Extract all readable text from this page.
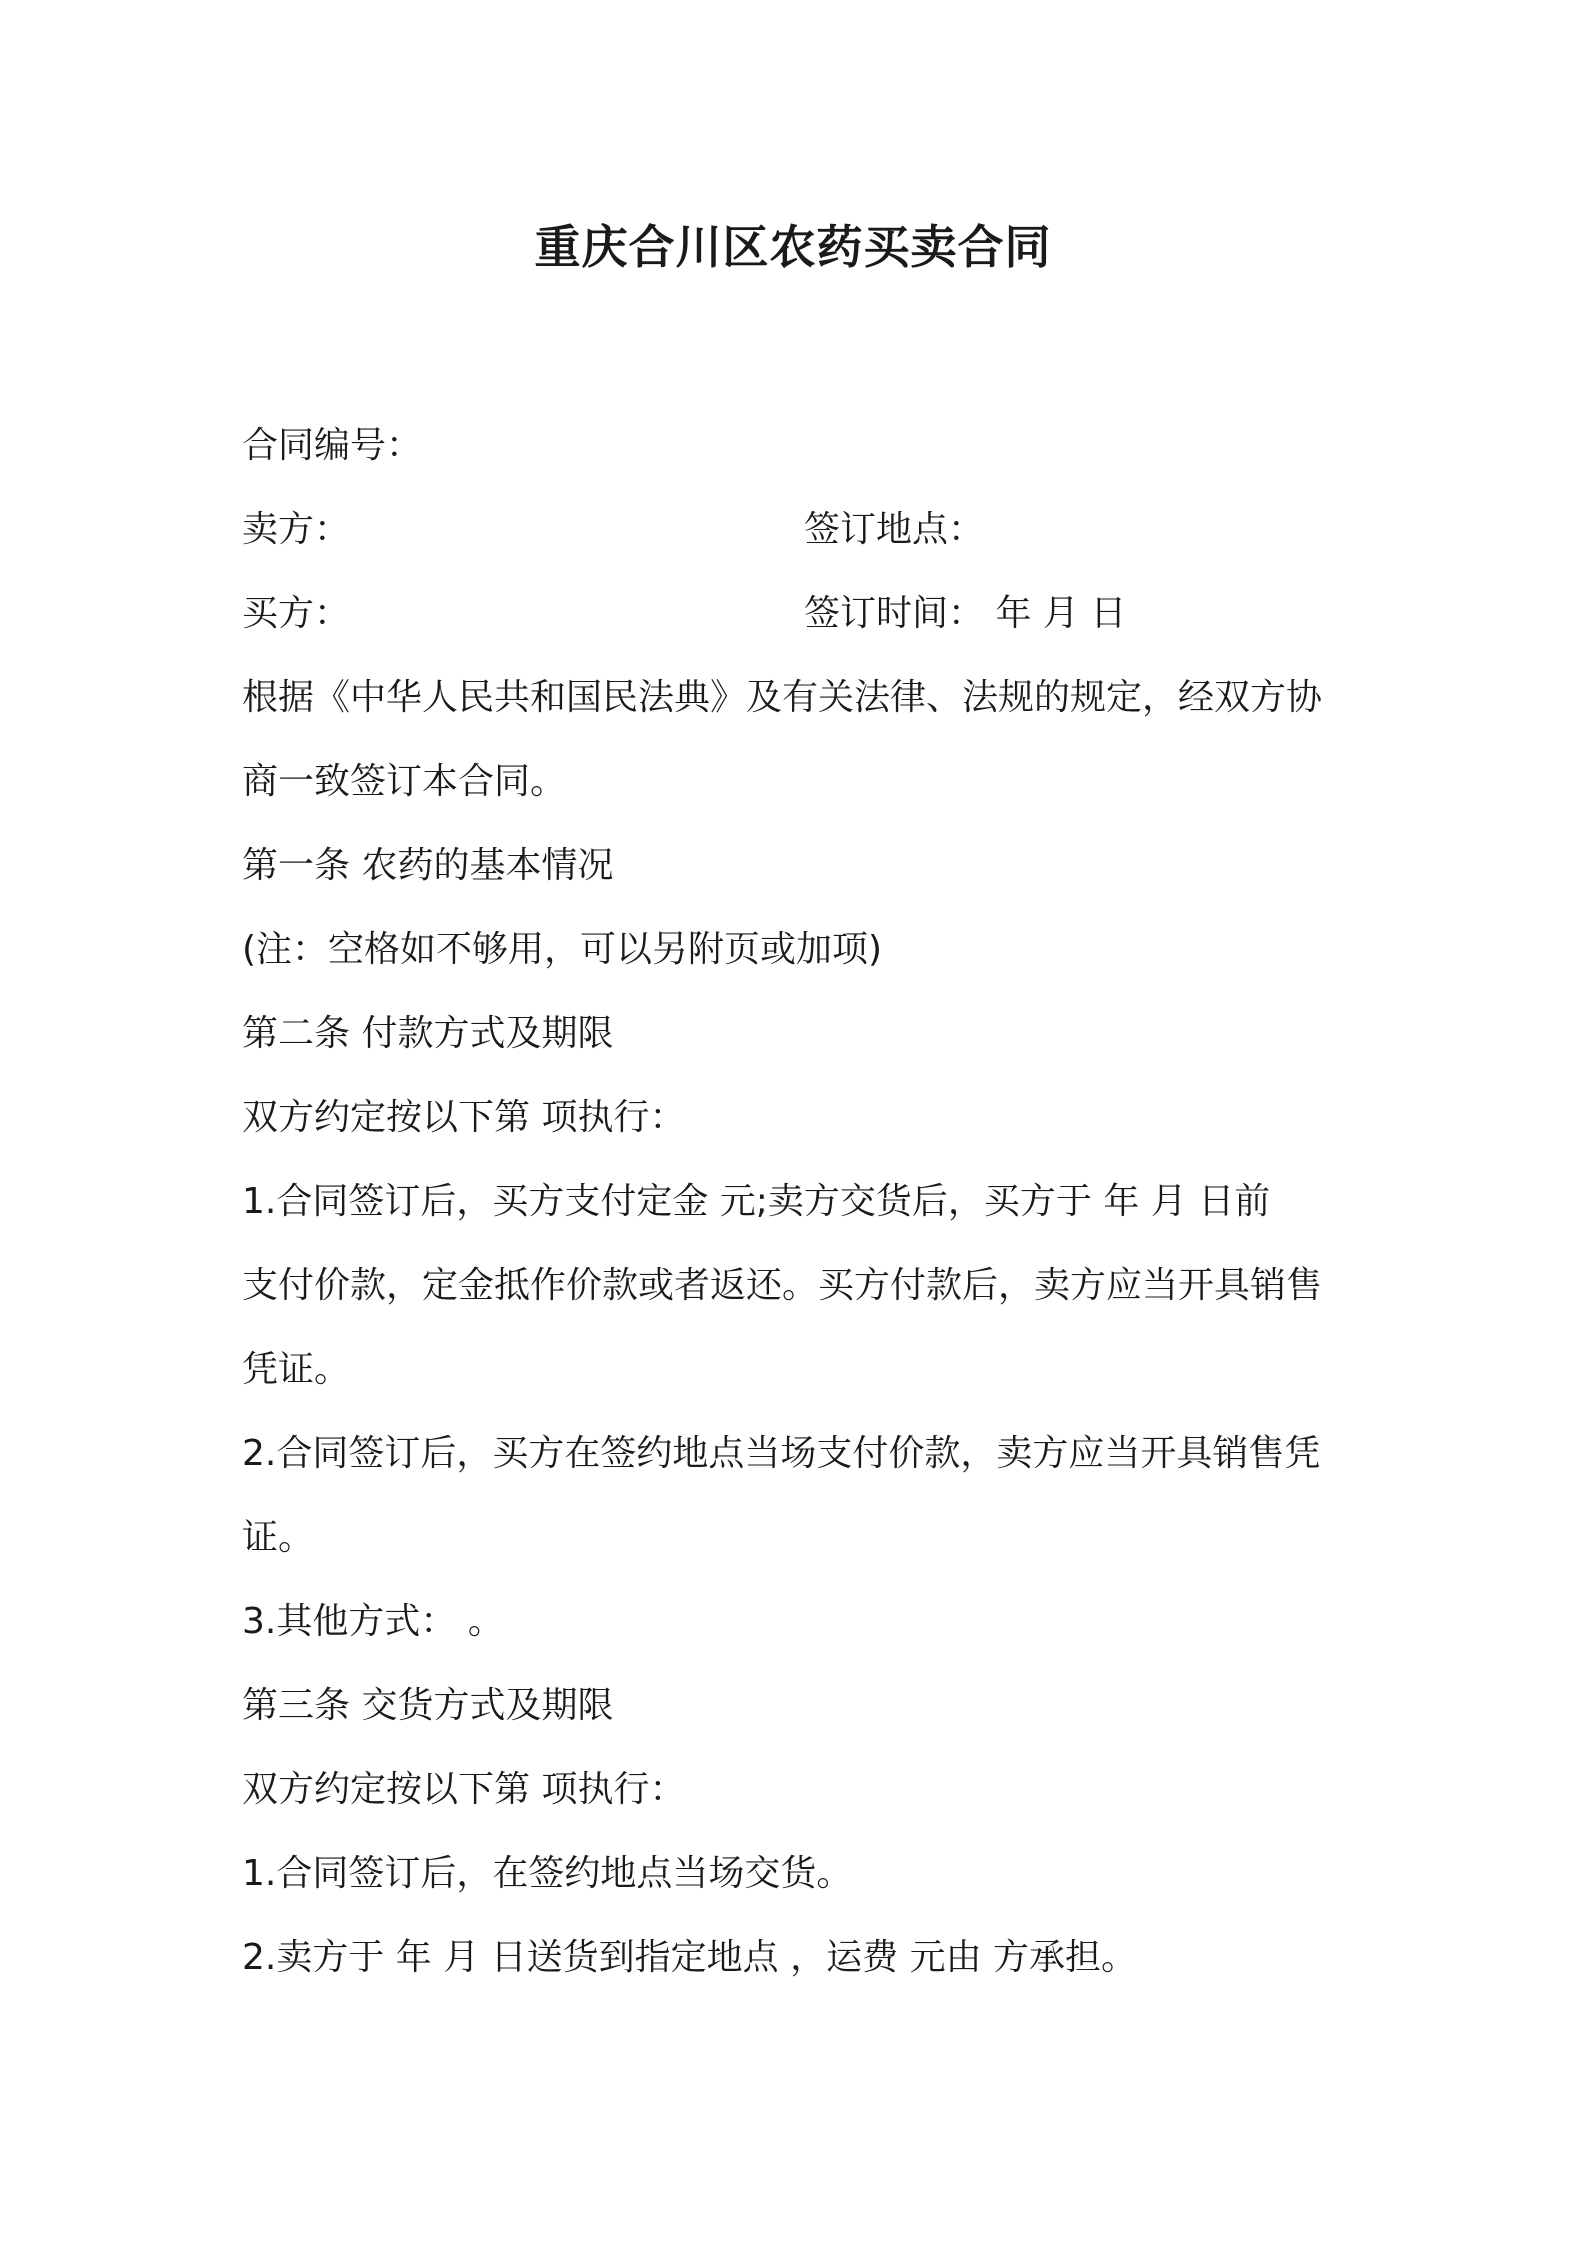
重庆合川区农药买卖合同
合同编号：
卖方：	签订地点：
买方：	签订时间： 年 月 日
根据《中华人民共和国民法典》及有关法律、法规的规定，经双方协
商一致签订本合同。
第一条 农药的基本情况
(注：空格如不够用，可以另附页或加项)
第二条 付款方式及期限
双方约定按以下第 项执行：
1.合同签订后，买方支付定金 元;卖方交货后，买方于 年 月 日前
支付价款，定金抵作价款或者返还。买方付款后，卖方应当开具销售
凭证。
2.合同签订后，买方在签约地点当场支付价款，卖方应当开具销售凭
证。
3.其他方式： 。
第三条 交货方式及期限
双方约定按以下第 项执行：
1.合同签订后，在签约地点当场交货。
2.卖方于 年 月 日送货到指定地点 ，运费 元由 方承担。
